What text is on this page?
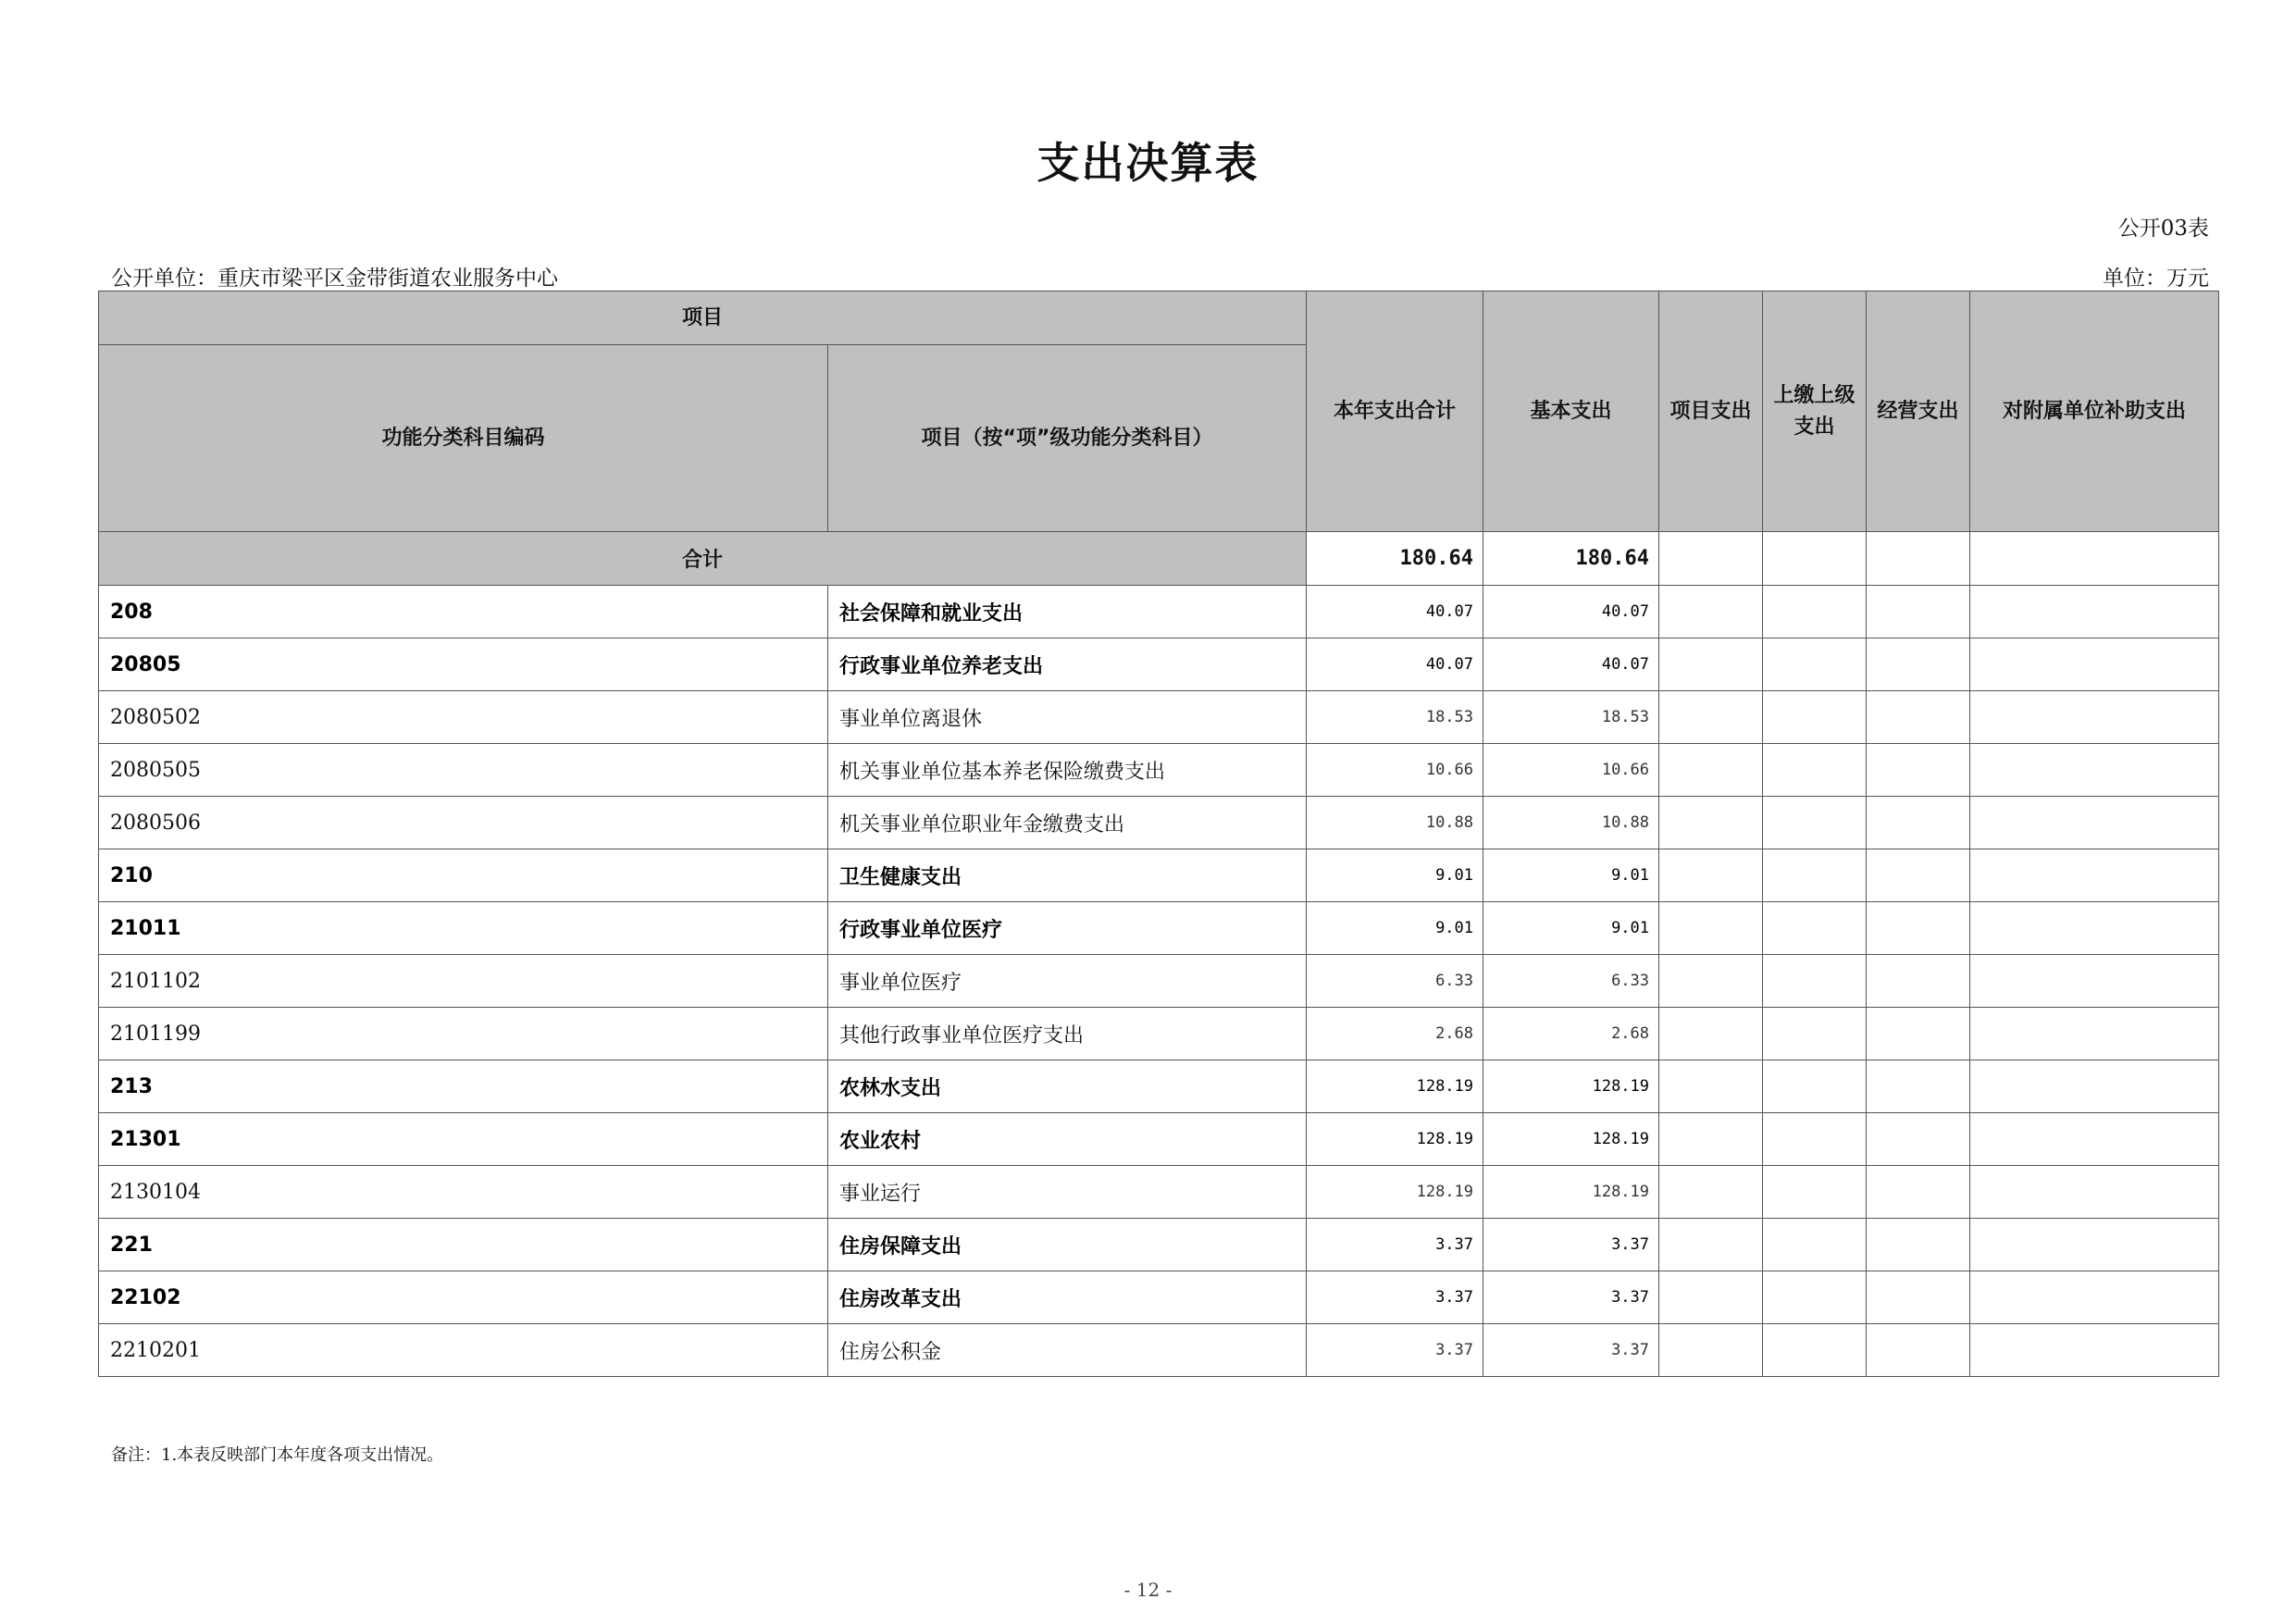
支出决算表
公开03表
公开单位：重庆市梁平区金带街道农业服务中心	单位：万元
项目		本年支出合计	基本支出	项目支出	上缴上级支出	经营支出	对附属单位补助支出
功能分类科目编码	项目（按“项”级功能分类科目）						
合计		180.64	180.64				
208	社会保障和就业支出	40.07	40.07				
20805	行政事业单位养老支出	40.07	40.07				
2080502	事业单位离退休	18.53	18.53				
2080505	机关事业单位基本养老保险缴费支出	10.66	10.66				
2080506	机关事业单位职业年金缴费支出	10.88	10.88				
210	卫生健康支出	9.01	9.01				
21011	行政事业单位医疗	9.01	9.01				
2101102	事业单位医疗	6.33	6.33				
2101199	其他行政事业单位医疗支出	2.68	2.68				
213	农林水支出	128.19	128.19				
21301	农业农村	128.19	128.19				
2130104	事业运行	128.19	128.19				
221	住房保障支出	3.37	3.37				
22102	住房改革支出	3.37	3.37				
2210201	住房公积金	3.37	3.37				
备注：1.本表反映部门本年度各项支出情况。
- 12 -
